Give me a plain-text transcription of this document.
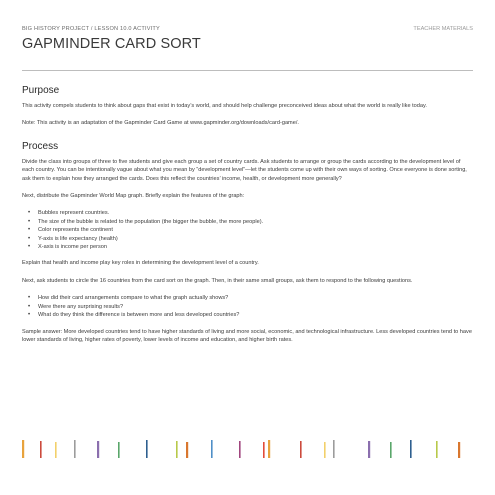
BIG HISTORY PROJECT / LESSON 10.0 ACTIVITY	TEACHER MATERIALS
GAPMINDER CARD SORT
Purpose

This activity compels students to think about gaps that exist in today’s world, and should help challenge preconceived ideas about what the world is really like today.

Note: This activity is an adaptation of the Gapminder Card Game at www.gapminder.org/downloads/card-game/.

Process

Divide the class into groups of three to five students and give each group a set of country cards. Ask students to arrange or group the cards according to the development level of each country. You can be intentionally vague about what you mean by “development level”—let the students come up with their own ways of sorting. Once everyone is done sorting, ask them to explain how they arranged the cards. Does this reflect the countries’ income, health, or development more generally?

Next, distribute the Gapminder World Map graph. Briefly explain the features of the graph:

• Bubbles represent countries.
• The size of the bubble is related to the population (the bigger the bubble, the more people).
• Color represents the continent
• Y-axis is life expectancy (health)
• X-axis is income per person

Explain that health and income play key roles in determining the development level of a country.

Next, ask students to circle the 16 countries from the card sort on the graph. Then, in their same small groups, ask them to respond to the following questions.

• How did their card arrangements compare to what the graph actually shows?
• Were there any surprising results?
• What do they think the difference is between more and less developed countries?

Sample answer: More developed countries tend to have higher standards of living and more social, economic, and technological infrastructure. Less developed countries tend to have lower standards of living, higher rates of poverty, lower levels of income and education, and higher birth rates.
